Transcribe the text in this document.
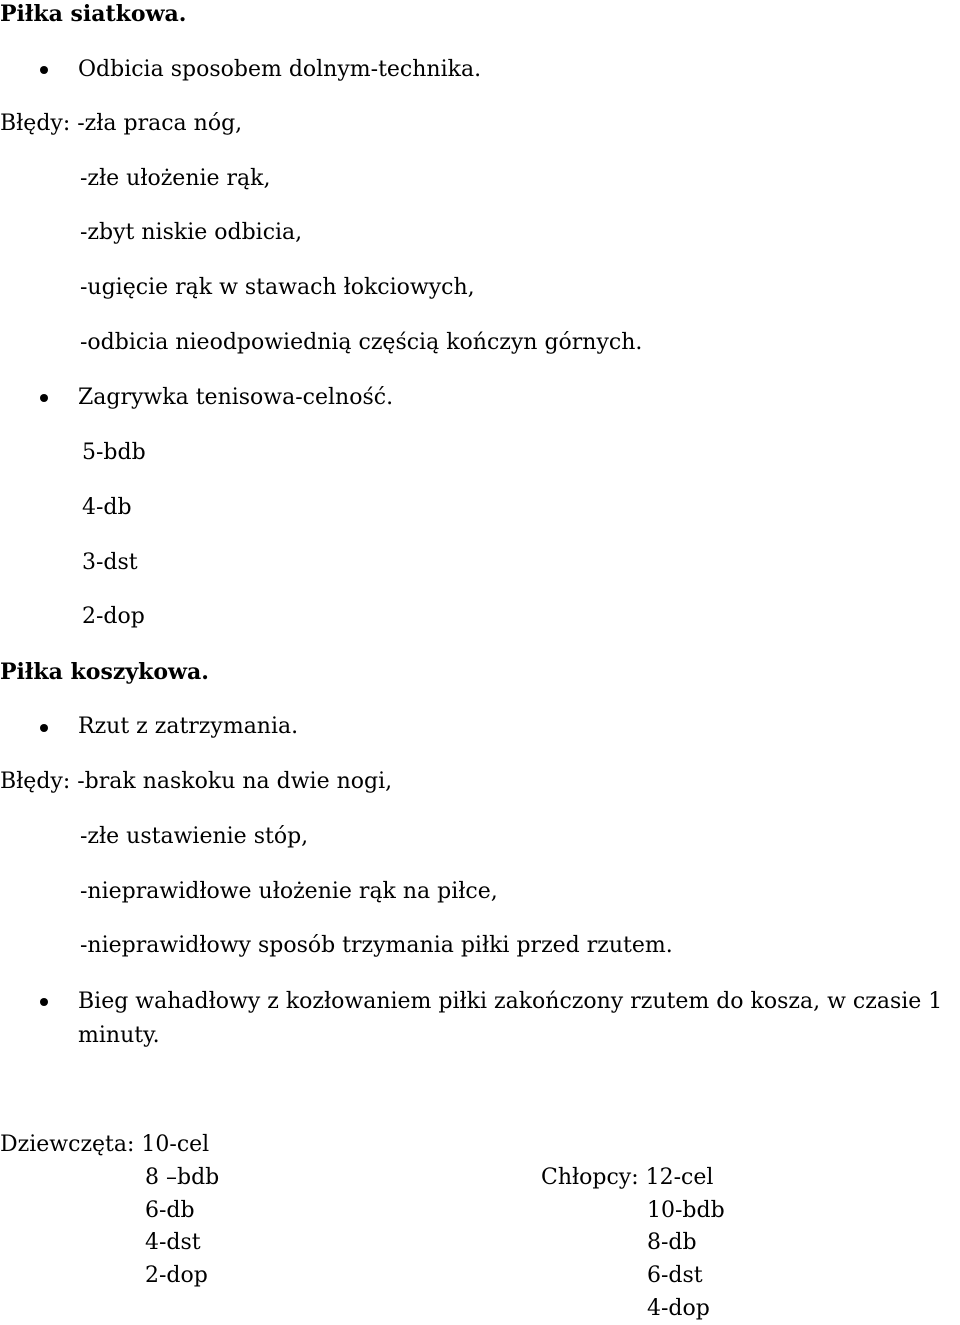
Piłka siatkowa.
Odbicia sposobem dolnym-technika.
Błędy: -zła praca nóg,
-złe ułożenie rąk,
-zbyt niskie odbicia,
-ugięcie rąk w stawach łokciowych,
-odbicia nieodpowiednią częścią kończyn górnych.
Zagrywka tenisowa-celność.
5-bdb
4-db
3-dst
2-dop
Piłka koszykowa.
Rzut z zatrzymania.
Błędy: -brak naskoku na dwie nogi,
-złe ustawienie stóp,
-nieprawidłowe ułożenie rąk na piłce,
-nieprawidłowy sposób trzymania piłki przed rzutem.
Bieg wahadłowy z kozłowaniem piłki zakończony rzutem do kosza, w czasie 1
minuty.
Dziewczęta: 10-cel
8 –bdb
6-db
4-dst
2-dop
Chłopcy: 12-cel
10-bdb
8-db
6-dst
4-dop
